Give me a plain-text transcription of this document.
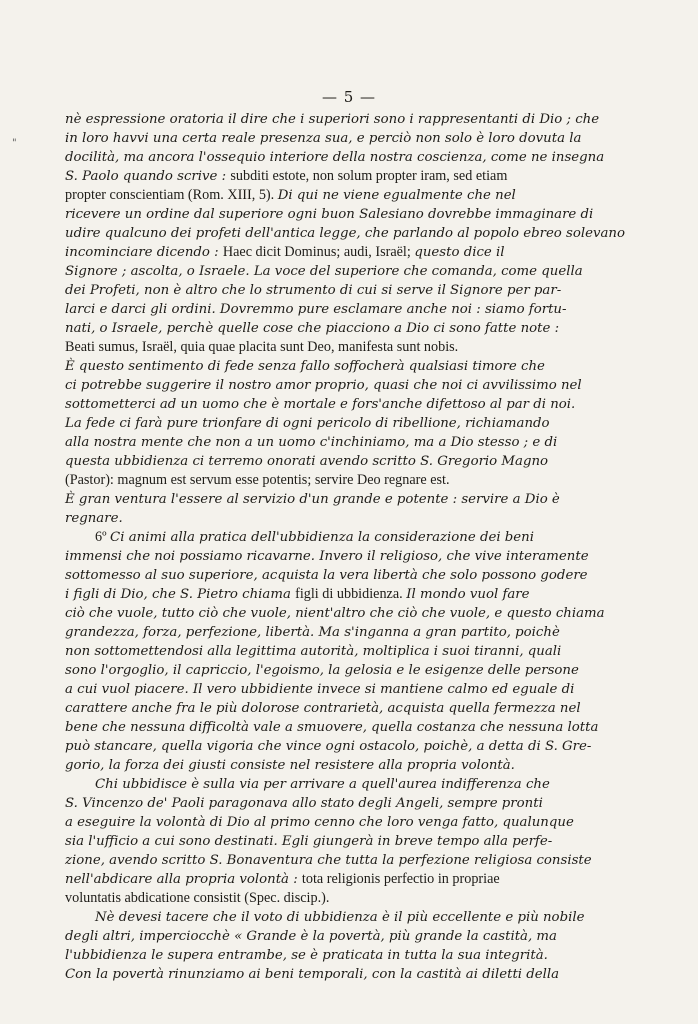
— 5 —
"
nè espressione oratoria il dire che i superiori sono i rappresentanti di Dio ; che
in loro havvi una certa reale presenza sua, e perciò non solo è loro dovuta la
docilità, ma ancora l'ossequio interiore della nostra coscienza, come ne insegna
S. Paolo quando scrive : subditi estote, non solum propter iram, sed etiam
propter conscientiam (Rom. XIII, 5). Di qui ne viene egualmente che nel
ricevere un ordine dal superiore ogni buon Salesiano dovrebbe immaginare di
udire qualcuno dei profeti dell'antica legge, che parlando al popolo ebreo solevano
incominciare dicendo : Haec dicit Dominus; audi, Israël; questo dice il
Signore ; ascolta, o Israele. La voce del superiore che comanda, come quella
dei Profeti, non è altro che lo strumento di cui si serve il Signore per par-
larci e darci gli ordini. Dovremmo pure esclamare anche noi : siamo fortu-
nati, o Israele, perchè quelle cose che piacciono a Dio ci sono fatte note :
Beati sumus, Israël, quia quae placita sunt Deo, manifesta sunt nobis.
È questo sentimento di fede senza fallo soffocherà qualsiasi timore che
ci potrebbe suggerire il nostro amor proprio, quasi che noi ci avvilissimo nel
sottometterci ad un uomo che è mortale e fors'anche difettoso al par di noi.
La fede ci farà pure trionfare di ogni pericolo di ribellione, richiamando
alla nostra mente che non a un uomo c'inchiniamo, ma a Dio stesso ; e di
questa ubbidienza ci terremo onorati avendo scritto S. Gregorio Magno
(Pastor): magnum est servum esse potentis; servire Deo regnare est.
È gran ventura l'essere al servizio d'un grande e potente : servire a Dio è
regnare.
6º Ci animi alla pratica dell'ubbidienza la considerazione dei beni
immensi che noi possiamo ricavarne. Invero il religioso, che vive interamente
sottomesso al suo superiore, acquista la vera libertà che solo possono godere
i figli di Dio, che S. Pietro chiama figli di ubbidienza. Il mondo vuol fare
ciò che vuole, tutto ciò che vuole, nient'altro che ciò che vuole, e questo chiama
grandezza, forza, perfezione, libertà. Ma s'inganna a gran partito, poichè
non sottomettendosi alla legittima autorità, moltiplica i suoi tiranni, quali
sono l'orgoglio, il capriccio, l'egoismo, la gelosia e le esigenze delle persone
a cui vuol piacere. Il vero ubbidiente invece si mantiene calmo ed eguale di
carattere anche fra le più dolorose contrarietà, acquista quella fermezza nel
bene che nessuna difficoltà vale a smuovere, quella costanza che nessuna lotta
può stancare, quella vigoria che vince ogni ostacolo, poichè, a detta di S. Gre-
gorio, la forza dei giusti consiste nel resistere alla propria volontà.
Chi ubbidisce è sulla via per arrivare a quell'aurea indifferenza che
S. Vincenzo de' Paoli paragonava allo stato degli Angeli, sempre pronti
a eseguire la volontà di Dio al primo cenno che loro venga fatto, qualunque
sia l'ufficio a cui sono destinati. Egli giungerà in breve tempo alla perfe-
zione, avendo scritto S. Bonaventura che tutta la perfezione religiosa consiste
nell'abdicare alla propria volontà : tota religionis perfectio in propriae
voluntatis abdicatione consistit (Spec. discip.).
Nè devesi tacere che il voto di ubbidienza è il più eccellente e più nobile
degli altri, imperciocchè « Grande è la povertà, più grande la castità, ma
l'ubbidienza le supera entrambe, se è praticata in tutta la sua integrità.
Con la povertà rinunziamo ai beni temporali, con la castità ai diletti della
